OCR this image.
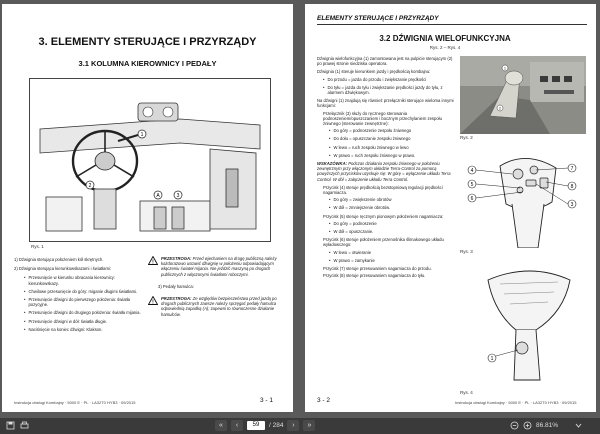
3. ELEMENTY STERUJĄCE I PRZYRZĄDY
3.1 KOLUMNA KIEROWNICY I PEDAŁY
1
2
3
A
Rys. 1
1) Dźwignia sterująca położeniem kół skrętnych.
2) Dźwignia sterująca kierunkowskazami i światłami:
• Przesunięcie w kierunku obracania kierownicy: kierunkowskazy.
• Chwilowe przesunięcie do góry: miganie długimi światłami.
• Przesunięcie dźwigni do pierwszego położenia: światła pozycyjne.
• Przesunięcie dźwigni do drugiego położenia: światła mijania.
• Przesunięcie dźwigni w dół: światła długie.
• Naciśnięcie na koniec dźwigni: Klakson.
!
PRZESTROGA: Przed wjechaniem na drogę publiczną należy każdorazowo ustawić dźwignię w położeniu odpowiadającym włączeniu świateł mijania. Nie jeździć maszyną po drogach publicznych z włączonymi światłami roboczymi.
3) Pedały hamulca:
!
PRZESTROGA: Ze względów bezpieczeństwa przed jazdą po drogach publicznych zawsze należy sprzęgać pedały hamulca odpowiednią zapadką (A); zapewni to równoczesne działanie hamulców.
Instrukcja obsługi Kombajny · 5000 E · PL · LA32T0 HYB3 · 09/2015	3 - 1
ELEMENTY STERUJĄCE I PRZYRZĄDY
3.2 DŹWIGNIA WIELOFUNKCYJNA
Rys. 2 – Rys. 4
Dźwignia wielofunkcyjna (1) zamontowana jest na pulpicie sterującym (2) po prawej stronie siedziska operatora.
Dźwignia (1) steruje kierunkiem jazdy i prędkością kombajnu:
• Do przodu = jazda do przodu i zwiększanie prędkości
• Do tyłu = jazda do tyłu i zwiększanie prędkości jazdy do tyłu, z alarmem dźwiękowym.
Na dźwigni (1) znajdują się również przełączniki sterujące wieloma innymi funkcjami:
Przełącznik (3) służy do ręcznego sterowania podnoszeniem/opuszczaniem i bocznym przechylaniem zespołu żniwnego (sterowanie zewnętrzne):
• Do góry = podnoszenie zespołu żniwnego
• Do dołu = opuszczanie zespołu żniwnego
• W lewo = ruch zespołu żniwnego w lewo
• W prawo = ruch zespołu żniwnego w prawo.
WSKAZÓWKA: Podczas działania zespołu żniwnego w położeniu zewnętrznym przy włączonym układzie Terra-Control za pomocą powyższych przycisków uzyskuje się: W górę = wyłączenie układu Terra Control. W dół = załączenie układu Terra Control.
Przycisk (4) steruje prędkością bezstopniową regulacji prędkości nagarniacza.
• Do góry = zwiększenie obrotów
• W dół = zmniejszenie obrotów.
Przycisk (5) steruje ręcznym pionowym położeniem nagarniacza:
• Do góry = podnoszenie
• W dół = opuszczanie.
Przycisk (6) steruje położeniem przenośnika ślimakowego układu wyładowczego:
• W lewo = otwieranie
• W prawo = zamykanie
Przycisk (7) steruje przesuwaniem nagarniacza do przodu.
Przycisk (8) steruje przesuwaniem nagarniacza do tyłu.
1
2
Rys. 2
4
5
6
7
8
3
Rys. 3
1
Rys. 4
3 - 2	Instrukcja obsługi Kombajny · 5000 E · PL · LA32T0 HYB3 · 09/2015
«	‹	59	/ 284	›	»	86.81%
